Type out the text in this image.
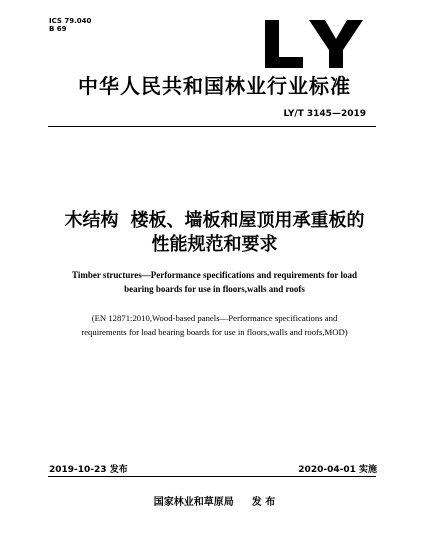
ICS 79.040
B 69
中华人民共和国林业行业标准
LY/T 3145—2019
木结构 楼板、墙板和屋顶用承重板的
性能规范和要求
Timber structures—Performance specifications and requirements for load
bearing boards for use in floors,walls and roofs
(EN 12871:2010,Wood-based panels—Performance specifications and
requirements for load bearing boards for use in floors,walls and roofs,MOD)
2019-10-23 发布	2020-04-01 实施
国家林业和草原局 发 布
